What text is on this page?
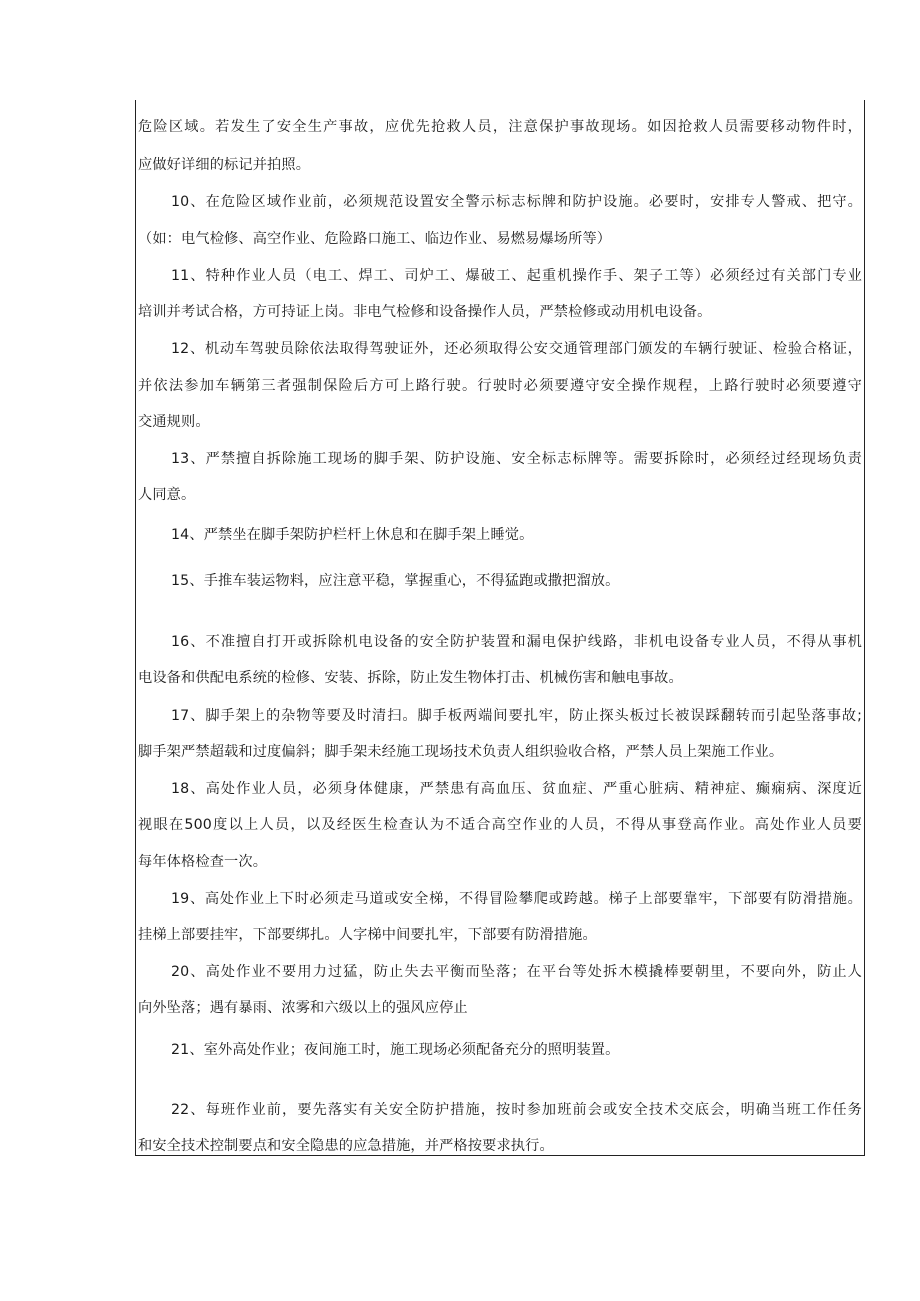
危险区域。若发生了安全生产事故，应优先抢救人员，注意保护事故现场。如因抢救人员需要移动物件时，
应做好详细的标记并拍照。
10、在危险区域作业前，必须规范设置安全警示标志标牌和防护设施。必要时，安排专人警戒、把守。
（如：电气检修、高空作业、危险路口施工、临边作业、易燃易爆场所等）
11、特种作业人员（电工、焊工、司炉工、爆破工、起重机操作手、架子工等）必须经过有关部门专业
培训并考试合格，方可持证上岗。非电气检修和设备操作人员，严禁检修或动用机电设备。
12、机动车驾驶员除依法取得驾驶证外，还必须取得公安交通管理部门颁发的车辆行驶证、检验合格证，
并依法参加车辆第三者强制保险后方可上路行驶。行驶时必须要遵守安全操作规程，上路行驶时必须要遵守
交通规则。
13、严禁擅自拆除施工现场的脚手架、防护设施、安全标志标牌等。需要拆除时，必须经过经现场负责
人同意。
14、严禁坐在脚手架防护栏杆上休息和在脚手架上睡觉。
15、手推车装运物料，应注意平稳，掌握重心，不得猛跑或撒把溜放。
16、不准擅自打开或拆除机电设备的安全防护装置和漏电保护线路，非机电设备专业人员，不得从事机
电设备和供配电系统的检修、安装、拆除，防止发生物体打击、机械伤害和触电事故。
17、脚手架上的杂物等要及时清扫。脚手板两端间要扎牢，防止探头板过长被误踩翻转而引起坠落事故;
脚手架严禁超载和过度偏斜；脚手架未经施工现场技术负责人组织验收合格，严禁人员上架施工作业。
18、高处作业人员，必须身体健康，严禁患有高血压、贫血症、严重心脏病、精神症、癫痫病、深度近
视眼在500度以上人员，以及经医生检查认为不适合高空作业的人员，不得从事登高作业。高处作业人员要
每年体格检查一次。
19、高处作业上下时必须走马道或安全梯，不得冒险攀爬或跨越。梯子上部要靠牢，下部要有防滑措施。
挂梯上部要挂牢，下部要绑扎。人字梯中间要扎牢，下部要有防滑措施。
20、高处作业不要用力过猛，防止失去平衡而坠落；在平台等处拆木模撬棒要朝里，不要向外，防止人
向外坠落；遇有暴雨、浓雾和六级以上的强风应停止
21、室外高处作业；夜间施工时，施工现场必须配备充分的照明装置。
22、每班作业前，要先落实有关安全防护措施，按时参加班前会或安全技术交底会，明确当班工作任务
和安全技术控制要点和安全隐患的应急措施，并严格按要求执行。
